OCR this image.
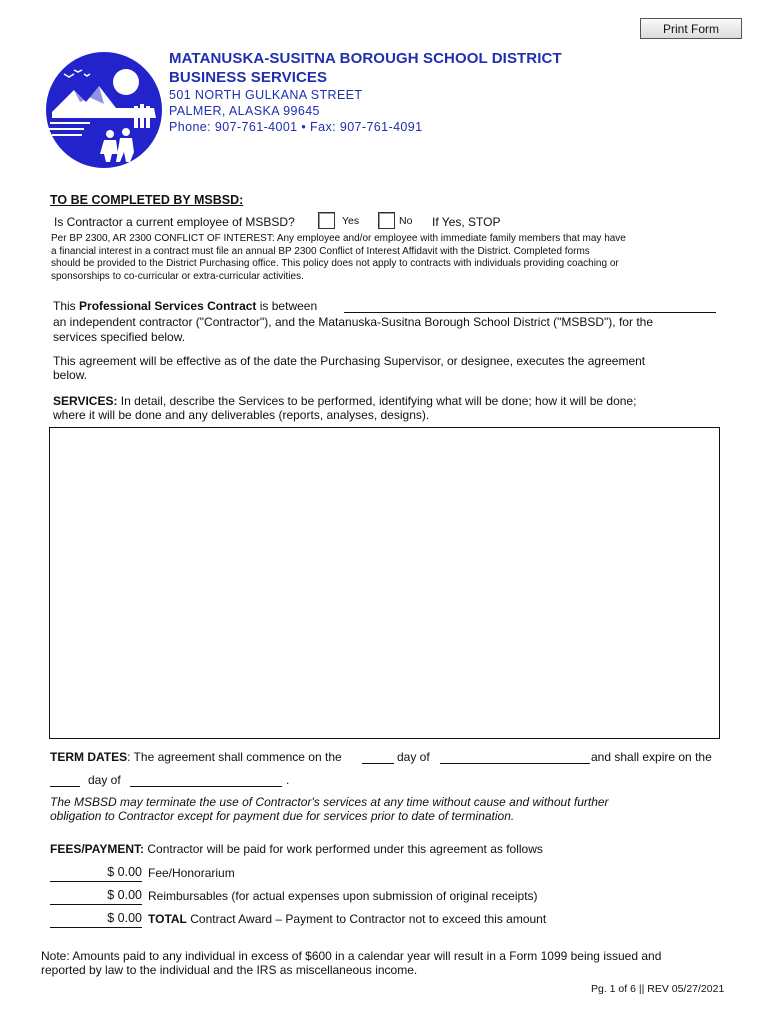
Print Form
MATANUSKA-SUSITNA BOROUGH SCHOOL DISTRICT
BUSINESS SERVICES
501 NORTH GULKANA STREET
PALMER, ALASKA 99645
Phone: 907-761-4001 • Fax: 907-761-4091
TO BE COMPLETED BY MSBSD:
Is Contractor a current employee of MSBSD?	Yes	No If Yes, STOP
Per BP 2300, AR 2300 CONFLICT OF INTEREST: Any employee and/or employee with immediate family members that may have
a financial interest in a contract must file an annual BP 2300 Conflict of Interest Affidavit with the District. Completed forms
should be provided to the District Purchasing office. This policy does not apply to contracts with individuals providing coaching or
sponsorships to co-curricular or extra-curricular activities.
This Professional Services Contract is between
an independent contractor ("Contractor"), and the Matanuska-Susitna Borough School District ("MSBSD"), for the
services specified below.
This agreement will be effective as of the date the Purchasing Supervisor, or designee, executes the agreement
below.
SERVICES: In detail, describe the Services to be performed, identifying what will be done; how it will be done;
where it will be done and any deliverables (reports, analyses, designs).
TERM DATES: The agreement shall commence on the	day of	and shall expire on the
day of	.
The MSBSD may terminate the use of Contractor's services at any time without cause and without further
obligation to Contractor except for payment due for services prior to date of termination.
FEES/PAYMENT: Contractor will be paid for work performed under this agreement as follows
$ 0.00 Fee/Honorarium
$ 0.00 Reimbursables (for actual expenses upon submission of original receipts)
$ 0.00 TOTAL Contract Award – Payment to Contractor not to exceed this amount
Note: Amounts paid to any individual in excess of $600 in a calendar year will result in a Form 1099 being issued and
reported by law to the individual and the IRS as miscellaneous income.
Pg. 1 of 6 || REV 05/27/2021
